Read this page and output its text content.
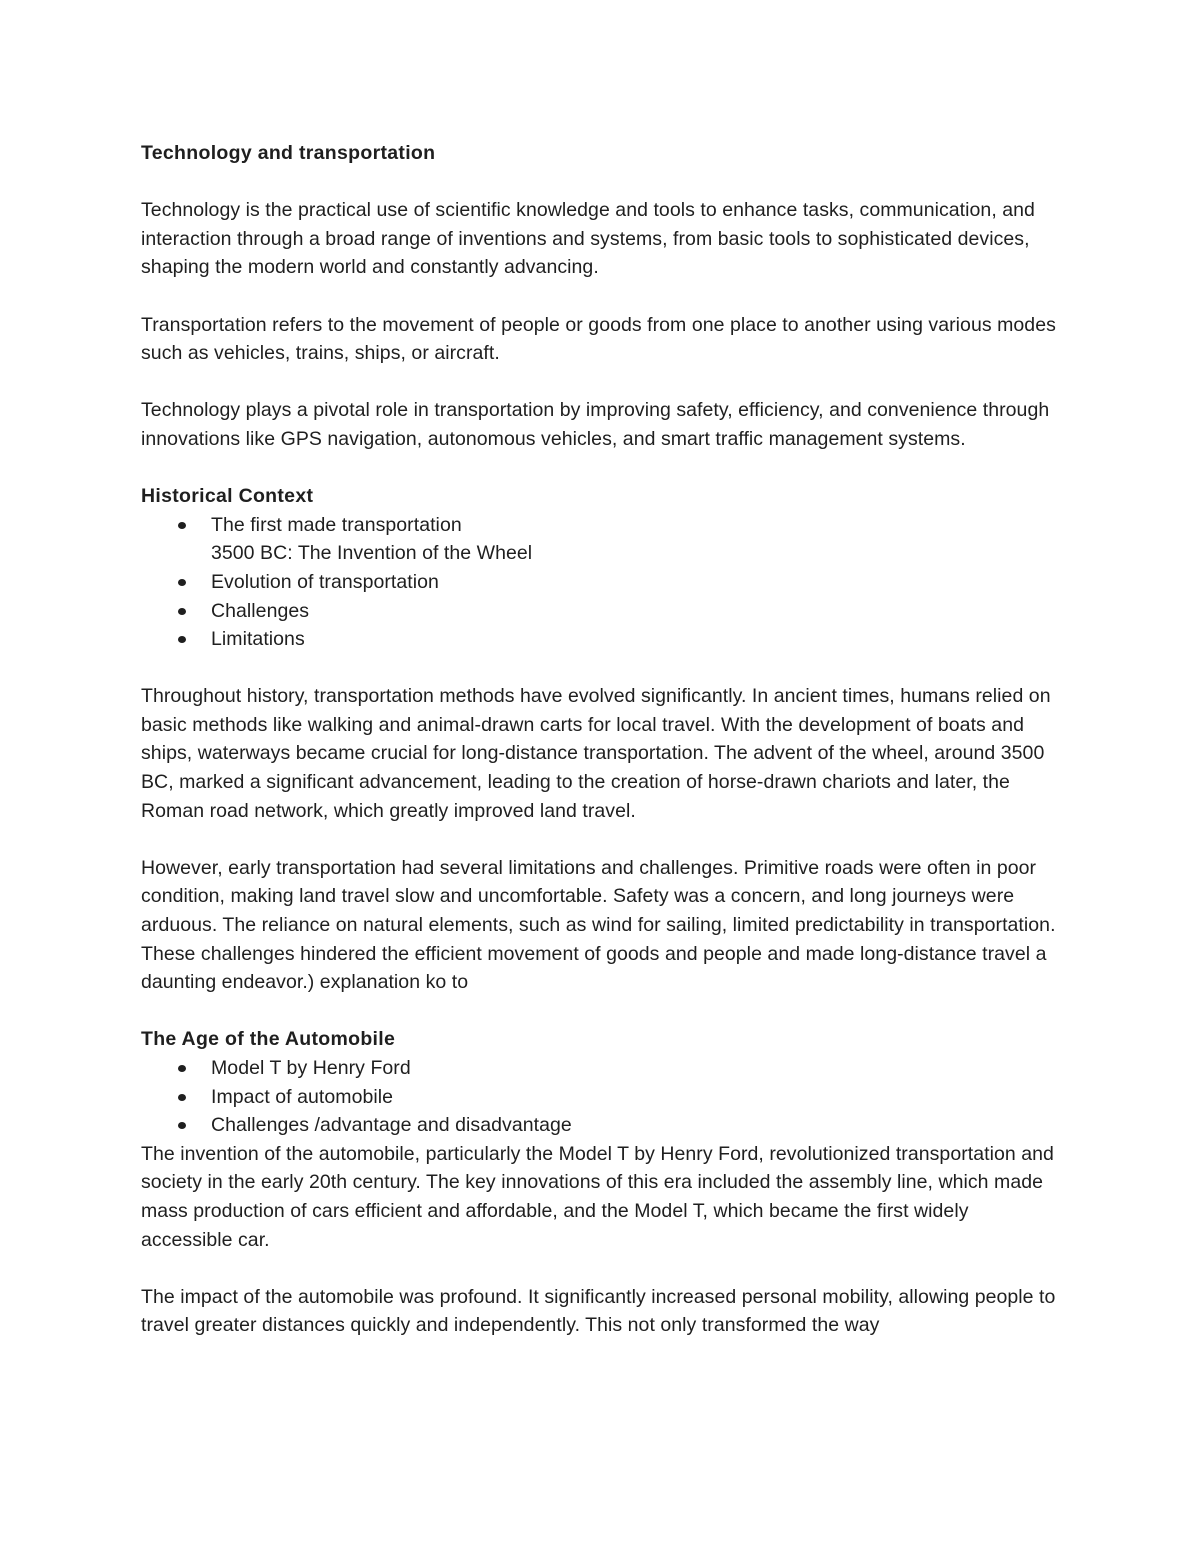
Technology and transportation

Technology is the practical use of scientific knowledge and tools to enhance tasks, communication, and interaction through a broad range of inventions and systems, from basic tools to sophisticated devices, shaping the modern world and constantly advancing.

Transportation refers to the movement of people or goods from one place to another using various modes such as vehicles, trains, ships, or aircraft.

Technology plays a pivotal role in transportation by improving safety, efficiency, and convenience through innovations like GPS navigation, autonomous vehicles, and smart traffic management systems.

Historical Context

The first made transportation
3500 BC: The Invention of the Wheel
Evolution of transportation
Challenges
Limitations

Throughout history, transportation methods have evolved significantly. In ancient times, humans relied on basic methods like walking and animal-drawn carts for local travel. With the development of boats and ships, waterways became crucial for long-distance transportation. The advent of the wheel, around 3500 BC, marked a significant advancement, leading to the creation of horse-drawn chariots and later, the Roman road network, which greatly improved land travel.

However, early transportation had several limitations and challenges. Primitive roads were often in poor condition, making land travel slow and uncomfortable. Safety was a concern, and long journeys were arduous. The reliance on natural elements, such as wind for sailing, limited predictability in transportation. These challenges hindered the efficient movement of goods and people and made long-distance travel a daunting endeavor.) explanation ko to

The Age of the Automobile

Model T by Henry Ford
Impact of automobile
Challenges /advantage and disadvantage

The invention of the automobile, particularly the Model T by Henry Ford, revolutionized transportation and society in the early 20th century. The key innovations of this era included the assembly line, which made mass production of cars efficient and affordable, and the Model T, which became the first widely accessible car.

The impact of the automobile was profound. It significantly increased personal mobility, allowing people to travel greater distances quickly and independently. This not only transformed the way
